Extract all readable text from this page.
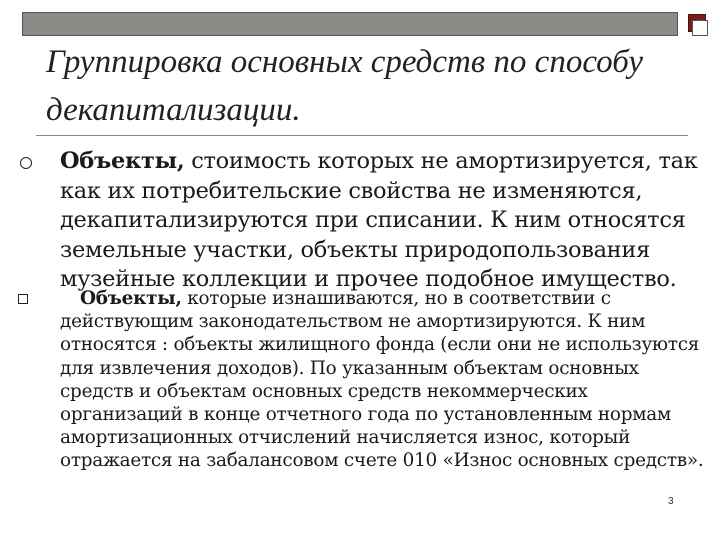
Группировка основных средств по способу декапитализации.

Объекты, стоимость которых не амортизируется, так как их потребительские свойства не изменяются, декапитализируются при списании. К ним относятся земельные участки, объекты природопользования музейные коллекции и прочее подобное имущество.

Объекты, которые изнашиваются, но в соответствии с действующим законодательством не амортизируются. К ним относятся : объекты жилищного фонда (если они не используются для извлечения доходов). По указанным объектам основных средств и объектам основных средств некоммерческих организаций в конце отчетного года по установленным нормам амортизационных отчислений начисляется износ, который отражается на забалансовом счете 010 «Износ основных средств».

3
